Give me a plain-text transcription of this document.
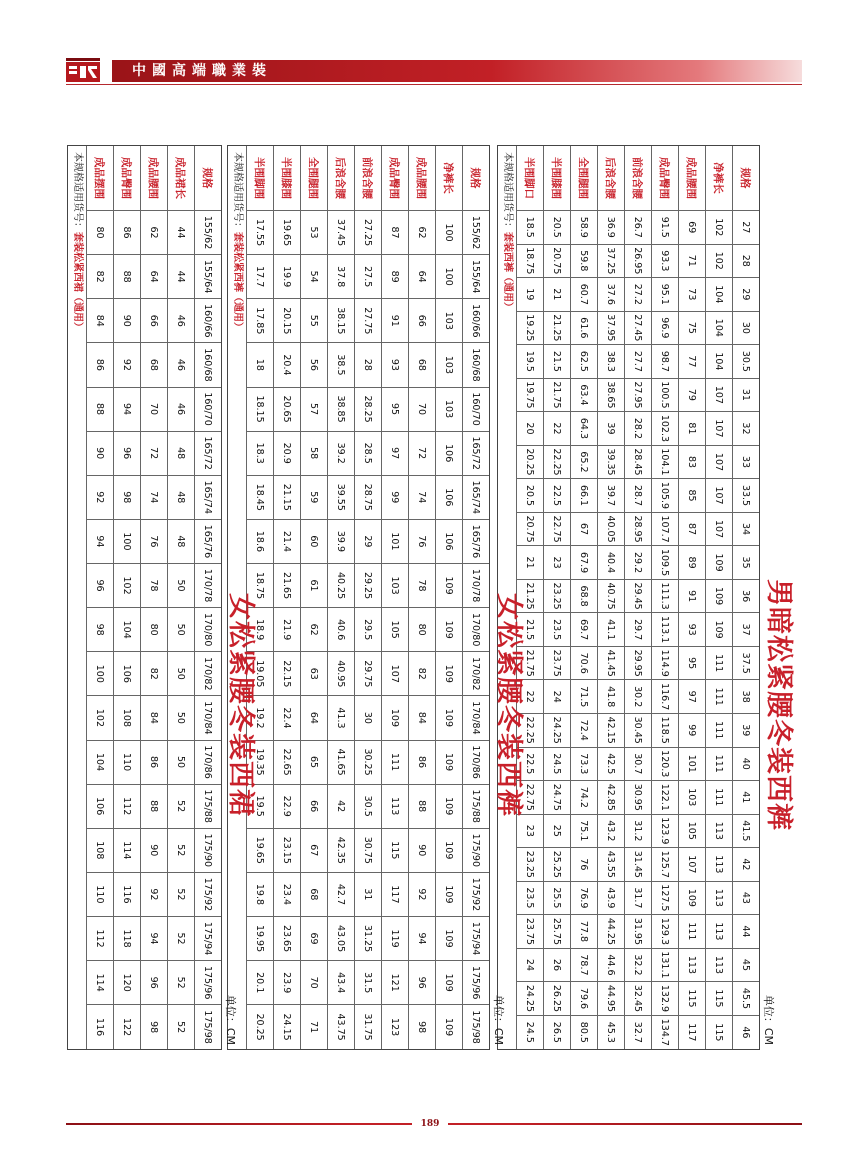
中國高端職業裝
男暗松紧腰冬装西裤
单位：CM
规格	27	28	29	30	30.5	31	32	33	33.5	34	35	36	37	37.5	38	39	40	41	41.5	42	43	44	45	45.5	46
净裤长	102	102	104	104	104	107	107	107	107	107	109	109	109	111	111	111	111	111	113	113	113	113	113	115	115
成品腰围	69	71	73	75	77	79	81	83	85	87	89	91	93	95	97	99	101	103	105	107	109	111	113	115	117
成品臀围	91.5	93.3	95.1	96.9	98.7	100.5	102.3	104.1	105.9	107.7	109.5	111.3	113.1	114.9	116.7	118.5	120.3	122.1	123.9	125.7	127.5	129.3	131.1	132.9	134.7
前浪含腰	26.7	26.95	27.2	27.45	27.7	27.95	28.2	28.45	28.7	28.95	29.2	29.45	29.7	29.95	30.2	30.45	30.7	30.95	31.2	31.45	31.7	31.95	32.2	32.45	32.7
后浪含腰	36.9	37.25	37.6	37.95	38.3	38.65	39	39.35	39.7	40.05	40.4	40.75	41.1	41.45	41.8	42.15	42.5	42.85	43.2	43.55	43.9	44.25	44.6	44.95	45.3
全围腿围	58.9	59.8	60.7	61.6	62.5	63.4	64.3	65.2	66.1	67	67.9	68.8	69.7	70.6	71.5	72.4	73.3	74.2	75.1	76	76.9	77.8	78.7	79.6	80.5
半围膝围	20.5	20.75	21	21.25	21.5	21.75	22	22.25	22.5	22.75	23	23.25	23.5	23.75	24	24.25	24.5	24.75	25	25.25	25.5	25.75	26	26.25	26.5
半围脚口	18.5	18.75	19	19.25	19.5	19.75	20	20.25	20.5	20.75	21	21.25	21.5	21.75	22	22.25	22.5	22.75	23	23.25	23.5	23.75	24	24.25	24.5
本规格适用货号：套装西裤（通用）
女松紧腰冬装西裤
单位：CM
规格	155/62	155/64	160/66	160/68	160/70	165/72	165/74	165/76	170/78	170/80	170/82	170/84	170/86	175/88	175/90	175/92	175/94	175/96	175/98
净裤长	100	100	103	103	103	106	106	106	109	109	109	109	109	109	109	109	109	109	109
成品腰围	62	64	66	68	70	72	74	76	78	80	82	84	86	88	90	92	94	96	98
成品臀围	87	89	91	93	95	97	99	101	103	105	107	109	111	113	115	117	119	121	123
前浪含腰	27.25	27.5	27.75	28	28.25	28.5	28.75	29	29.25	29.5	29.75	30	30.25	30.5	30.75	31	31.25	31.5	31.75
后浪含腰	37.45	37.8	38.15	38.5	38.85	39.2	39.55	39.9	40.25	40.6	40.95	41.3	41.65	42	42.35	42.7	43.05	43.4	43.75
全围腿围	53	54	55	56	57	58	59	60	61	62	63	64	65	66	67	68	69	70	71
半围膝围	19.65	19.9	20.15	20.4	20.65	20.9	21.15	21.4	21.65	21.9	22.15	22.4	22.65	22.9	23.15	23.4	23.65	23.9	24.15
半围脚围	17.55	17.7	17.85	18	18.15	18.3	18.45	18.6	18.75	18.9	19.05	19.2	19.35	19.5	19.65	19.8	19.95	20.1	20.25
本规格适用货号：套装松紧西裤（通用）
女松紧腰冬装西裙
单位：CM
规格	155/62	155/64	160/66	160/68	160/70	165/72	165/74	165/76	170/78	170/80	170/82	170/84	170/86	175/88	175/90	175/92	175/94	175/96	175/98
成品裙长	44	44	46	46	46	48	48	48	50	50	50	50	50	52	52	52	52	52	52
成品腰围	62	64	66	68	70	72	74	76	78	80	82	84	86	88	90	92	94	96	98
成品臀围	86	88	90	92	94	96	98	100	102	104	106	108	110	112	114	116	118	120	122
成品摆围	80	82	84	86	88	90	92	94	96	98	100	102	104	106	108	110	112	114	116
本规格适用货号：套装松紧西裙（通用）
189
